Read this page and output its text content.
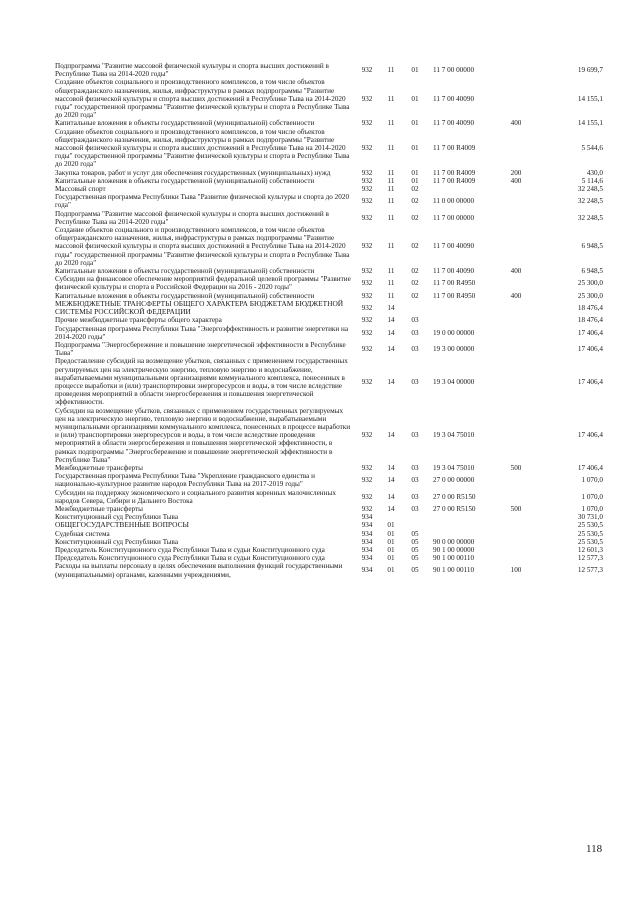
Подпрограмма "Развитие массовой физической культуры и спорта высших достижений в Республике Тыва на 2014-2020 годы"
932	11	01	11 7 00 00000	19 699,7
Создание объектов социального и производственного комплексов, в том числе объектов общегражданского назначения, жилья, инфраструктуры в рамках подпрограммы "Развитие массовой физической культуры и спорта высших достижений в Республике Тыва на 2014-2020 годы" государственной программы "Развитие физической культуры и спорта в Республике Тыва до 2020 года"
932	11	01	11 7 00 40090	14 155,1
Капитальные вложения в объекты государственной (муниципальной) собственности	932	11	01	11 7 00 40090	400	14 155,1
Создание объектов социального и производственного комплексов, в том числе объектов общегражданского назначения, жилья, инфраструктуры в рамках подпрограммы "Развитие массовой физической культуры и спорта высших достижений в Республике Тыва на 2014-2020 годы" государственной программы "Развитие физической культуры и спорта в Республике Тыва до 2020 года"
932	11	01	11 7 00 R4009	5 544,6
Закупка товаров, работ и услуг для обеспечения государственных (муниципальных) нужд	932	11	01	11 7 00 R4009	200	430,0
Капитальные вложения в объекты государственной (муниципальной) собственности	932	11	01	11 7 00 R4009	400	5 114,6
Массовый спорт	932	11	02	32 248,5
Государственная программа Республики Тыва "Развитие физической культуры и спорта до 2020 года"
932	11	02	11 0 00 00000	32 248,5
Подпрограмма "Развитие массовой физической культуры и спорта высших достижений в Республике Тыва на 2014-2020 годы"
932	11	02	11 7 00 00000	32 248,5
Создание объектов социального и производственного комплексов, в том числе объектов общегражданского назначения, жилья, инфраструктуры в рамках подпрограммы "Развитие массовой физической культуры и спорта высших достижений в Республике Тыва на 2014-2020 годы" государственной программы "Развитие физической культуры и спорта в Республике Тыва до 2020 года"
932	11	02	11 7 00 40090	6 948,5
Капитальные вложения в объекты государственной (муниципальной) собственности	932	11	02	11 7 00 40090	400	6 948,5
Субсидии на финансовое обеспечение мероприятий федеральной целевой программы "Развитие физической культуры и спорта в Российской Федерации на 2016 - 2020 годы"
932	11	02	11 7 00 R4950	25 300,0
Капитальные вложения в объекты государственной (муниципальной) собственности	932	11	02	11 7 00 R4950	400	25 300,0
МЕЖБЮДЖЕТНЫЕ ТРАНСФЕРТЫ ОБЩЕГО ХАРАКТЕРА БЮДЖЕТАМ БЮДЖЕТНОЙ СИСТЕМЫ РОССИЙСКОЙ ФЕДЕРАЦИИ	932	14	18 476,4
Прочие межбюджетные трансферты общего характера	932	14	03	18 476,4
Государственная программа Республики Тыва "Энергоэффективность и развитие энергетики на 2014-2020 годы"
932	14	03	19 0 00 00000	17 406,4
Подпрограмма "Энергосбережение и повышение энергетической эффективности в Республике Тыва"
932	14	03	19 3 00 00000	17 406,4
Предоставление субсидий на возмещение убытков, связанных с применением государственных регулируемых цен на электрическую энергию, тепловую энергию и водоснабжение, вырабатываемыми муниципальными организациями коммунального комплекса, понесенных в процессе выработки и (или) транспортировки энергоресурсов и воды, в том числе вследствие проведения мероприятий в области энергосбережения и повышения энергетической эффективности.
932	14	03	19 3 04 00000	17 406,4
Субсидии на возмещение убытков, связанных с применением государственных регулируемых цен на электрическую энергию, тепловую энергию и водоснабжение, вырабатываемыми муниципальными организациями коммунального комплекса, понесенных в процессе выработки и (или) транспортировки энергоресурсов и воды, в том числе вследствие проведения мероприятий в области энергосбережения и повышения энергетической эффективности, в рамках подпрограммы "Энергосбережение и повышение энергетической эффективности в Республике Тыва"
932	14	03	19 3 04 75010	17 406,4
Межбюджетные трансферты	932	14	03	19 3 04 75010	500	17 406,4
Государственная программа Республики Тыва "Укрепление гражданского единства и национально-культурное развитие народов Республики Тыва на 2017-2019 годы"
932	14	03	27 0 00 00000	1 070,0
Субсидии на поддержку экономического и социального развития коренных малочисленных народов Севера, Сибири и Дальнего Востока
932	14	03	27 0 00 R5150	1 070,0
Межбюджетные трансферты	932	14	03	27 0 00 R5150	500	1 070,0
Конституционный суд Республики Тыва	934	30 731,0
ОБЩЕГОСУДАРСТВЕННЫЕ ВОПРОСЫ	934	01	25 530,5
Судебная система	934	01	05	25 530,5
Конституционный суд Республики Тыва	934	01	05	90 0 00 00000	25 530,5
Председатель Конституционного суда Республики Тыва и судьи Конституционного суда	934	01	05	90 1 00 00000	12 601,3
Председатель Конституционного суда Республики Тыва и судьи Конституционного суда	934	01	05	90 1 00 00110	12 577,3
Расходы на выплаты персоналу в целях обеспечения выполнения функций государственными (муниципальными) органами, казенными учреждениями,
934	01	05	90 1 00 00110	100	12 577,3
118
